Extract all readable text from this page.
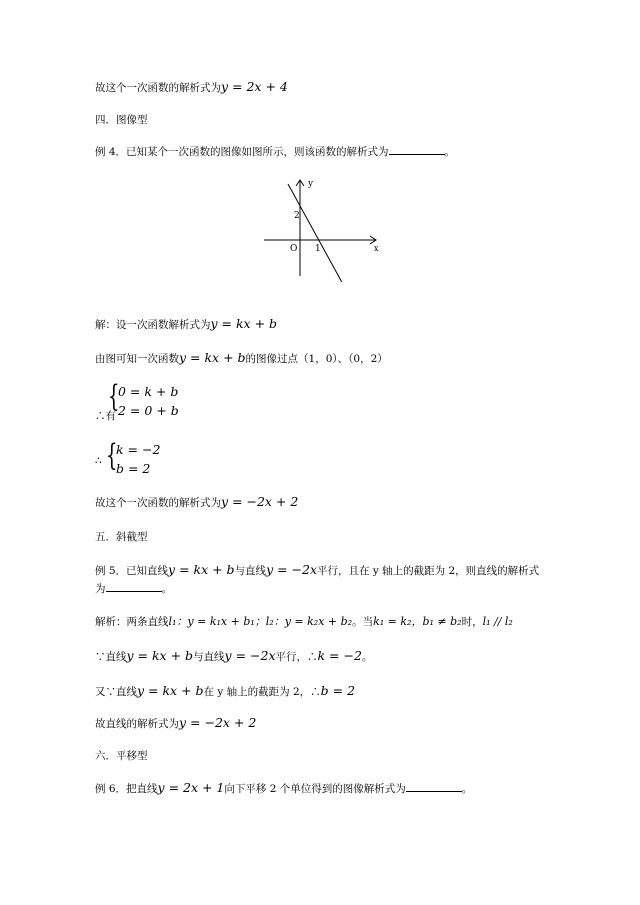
故这个一次函数的解析式为y = 2x + 4
四．图像型
例 4．已知某个一次函数的图像如图所示，则该函数的解析式为	。
y
x
O 1
2
解：设一次函数解析式为y = kx + b
由图可知一次函数y = kx + b的图像过点（1，0）、（0，2）
∴有
{
0 = k + b
2 = 0 + b
∴ {
k = −2
b = 2
故这个一次函数的解析式为y = −2x + 2
五．斜截型
例 5．已知直线y = kx + b与直线y = −2x平行，且在 y 轴上的截距为 2，则直线的解析式
为	。
解析：两条直线l₁：y = k₁x + b₁；l₂：y = k₂x + b₂。当k₁ = k₂，b₁ ≠ b₂时，l₁ // l₂
∵直线y = kx + b与直线y = −2x平行，∴k = −2。
又∵直线y = kx + b在 y 轴上的截距为 2，∴b = 2
故直线的解析式为y = −2x + 2
六．平移型
例 6．把直线y = 2x + 1向下平移 2 个单位得到的图像解析式为	。
